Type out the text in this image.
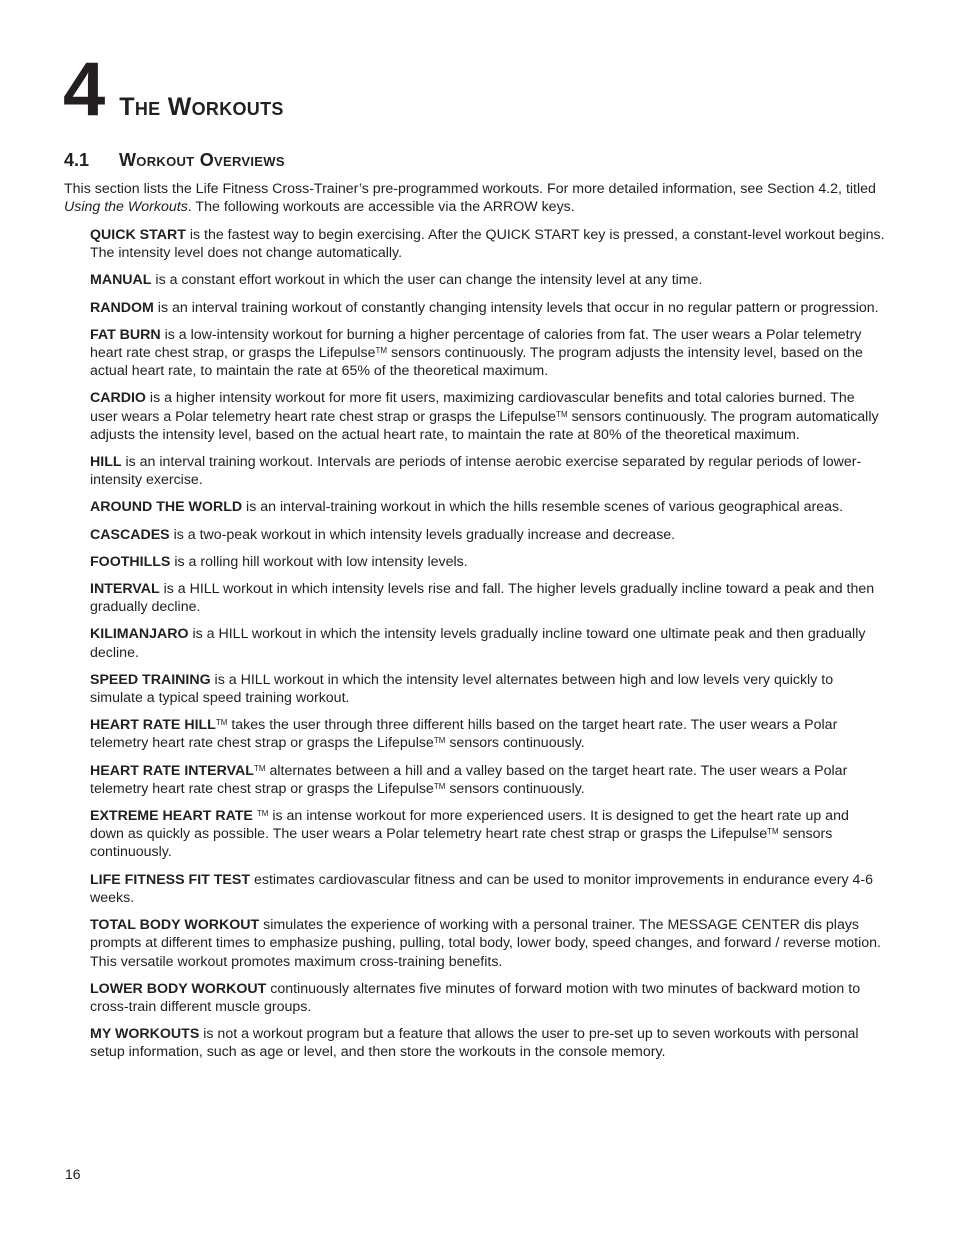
4 The Workouts
4.1	Workout Overviews

This section lists the Life Fitness Cross-Trainer’s pre-programmed workouts. For more detailed information, see Section 4.2, titled Using the Workouts. The following workouts are accessible via the ARROW keys.

QUICK START is the fastest way to begin exercising. After the QUICK START key is pressed, a constant-level workout begins. The intensity level does not change automatically.

MANUAL is a constant effort workout in which the user can change the intensity level at any time.

RANDOM is an interval training workout of constantly changing intensity levels that occur in no regular pattern or progression.

FAT BURN is a low-intensity workout for burning a higher percentage of calories from fat. The user wears a Polar telemetry heart rate chest strap, or grasps the Lifepulse™ sensors continuously. The program adjusts the intensity level, based on the actual heart rate, to maintain the rate at 65% of the theoretical maximum.

CARDIO is a higher intensity workout for more fit users, maximizing cardiovascular benefits and total calories burned. The user wears a Polar telemetry heart rate chest strap or grasps the Lifepulse™ sensors continuously. The program automatically adjusts the intensity level, based on the actual heart rate, to maintain the rate at 80% of the theoretical maximum.

HILL is an interval training workout. Intervals are periods of intense aerobic exercise separated by regular periods of lower-intensity exercise.

AROUND THE WORLD is an interval-training workout in which the hills resemble scenes of various geographical areas.

CASCADES is a two-peak workout in which intensity levels gradually increase and decrease.

FOOTHILLS is a rolling hill workout with low intensity levels.

INTERVAL is a HILL workout in which intensity levels rise and fall. The higher levels gradually incline toward a peak and then gradually decline.

KILIMANJARO is a HILL workout in which the intensity levels gradually incline toward one ultimate peak and then gradually decline.

SPEED TRAINING is a HILL workout in which the intensity level alternates between high and low levels very quickly to simulate a typical speed training workout.

HEART RATE HILL™ takes the user through three different hills based on the target heart rate. The user wears a Polar telemetry heart rate chest strap or grasps the Lifepulse™ sensors continuously.

HEART RATE INTERVAL™ alternates between a hill and a valley based on the target heart rate. The user wears a Polar telemetry heart rate chest strap or grasps the Lifepulse™ sensors continuously.

EXTREME HEART RATE ™ is an intense workout for more experienced users. It is designed to get the heart rate up and down as quickly as possible. The user wears a Polar telemetry heart rate chest strap or grasps the Lifepulse™ sensors continuously.

LIFE FITNESS FIT TEST estimates cardiovascular fitness and can be used to monitor improvements in endurance every 4-6 weeks.

TOTAL BODY WORKOUT simulates the experience of working with a personal trainer. The MESSAGE CENTER dis plays prompts at different times to emphasize pushing, pulling, total body, lower body, speed changes, and forward / reverse motion. This versatile workout promotes maximum cross-training benefits.

LOWER BODY WORKOUT continuously alternates five minutes of forward motion with two minutes of backward motion to cross-train different muscle groups.

MY WORKOUTS is not a workout program but a feature that allows the user to pre-set up to seven workouts with personal setup information, such as age or level, and then store the workouts in the console memory.

16
